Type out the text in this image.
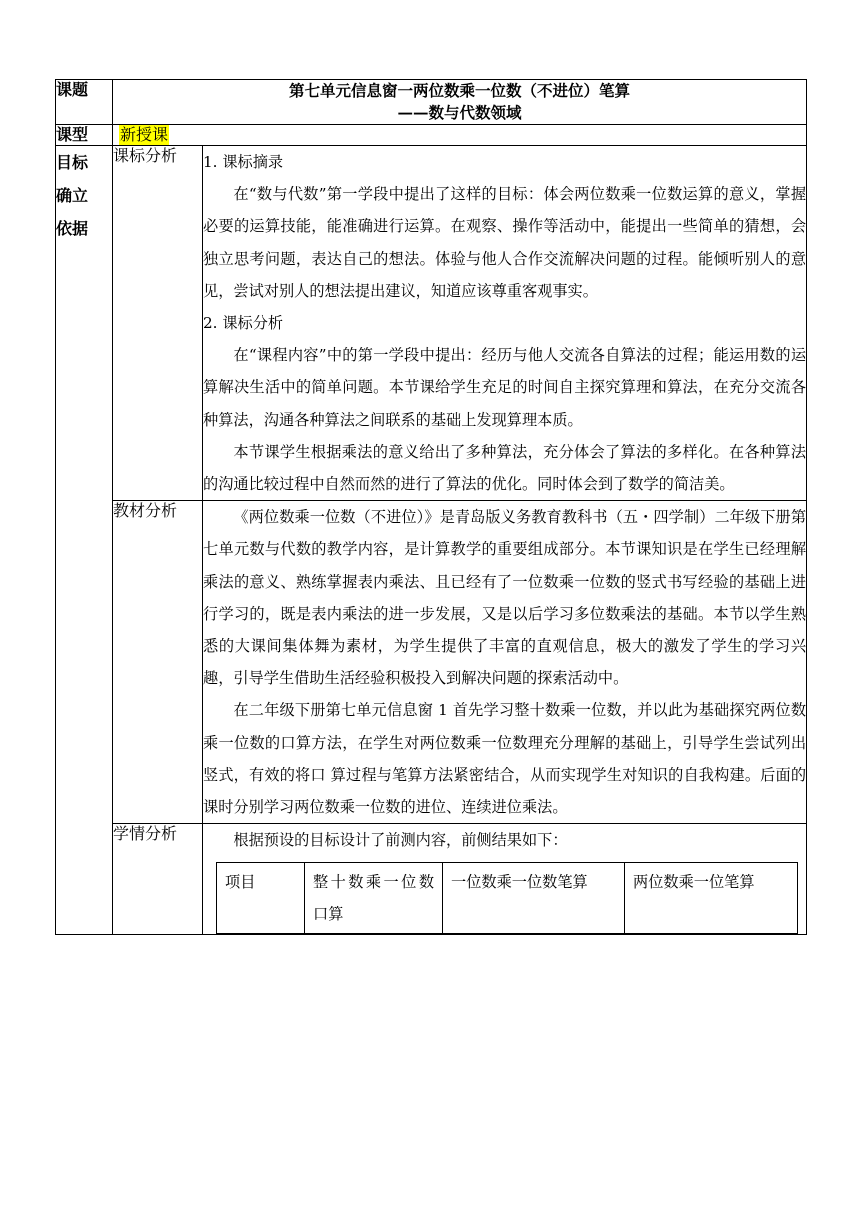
课题	第七单元信息窗一两位数乘一位数（不进位）笔算
——数与代数领域

课型	新授课

目标
确立
依据
	课标分析	1. 课标摘录

在“数与代数”第一学段中提出了这样的目标：体会两位数乘一位数运算的意义，掌握必要的运算技能，能准确进行运算。在观察、操作等活动中，能提出一些简单的猜想，会独立思考问题，表达自己的想法。体验与他人合作交流解决问题的过程。能倾听别人的意见，尝试对别人的想法提出建议，知道应该尊重客观事实。

2. 课标分析

在“课程内容”中的第一学段中提出：经历与他人交流各自算法的过程；能运用数的运算解决生活中的简单问题。本节课给学生充足的时间自主探究算理和算法，在充分交流各种算法，沟通各种算法之间联系的基础上发现算理本质。

本节课学生根据乘法的意义给出了多种算法，充分体会了算法的多样化。在各种算法的沟通比较过程中自然而然的进行了算法的优化。同时体会到了数学的简洁美。

教材分析	《两位数乘一位数（不进位）》是青岛版义务教育教科书（五・四学制）二年级下册第七单元数与代数的教学内容，是计算教学的重要组成部分。本节课知识是在学生已经理解乘法的意义、熟练掌握表内乘法、且已经有了一位数乘一位数的竖式书写经验的基础上进行学习的，既是表内乘法的进一步发展，又是以后学习多位数乘法的基础。本节以学生熟悉的大课间集体舞为素材，为学生提供了丰富的直观信息，极大的激发了学生的学习兴趣，引导学生借助生活经验积极投入到解决问题的探索活动中。

在二年级下册第七单元信息窗 1 首先学习整十数乘一位数，并以此为基础探究两位数乘一位数的口算方法，在学生对两位数乘一位数理充分理解的基础上，引导学生尝试列出竖式，有效的将口 算过程与笔算方法紧密结合，从而实现学生对知识的自我构建。后面的课时分别学习两位数乘一位数的进位、连续进位乘法。

学情分析	根据预设的目标设计了前测内容，前侧结果如下：

项目	整十数乘一位数口算	一位数乘一位数笔算	两位数乘一位笔算
